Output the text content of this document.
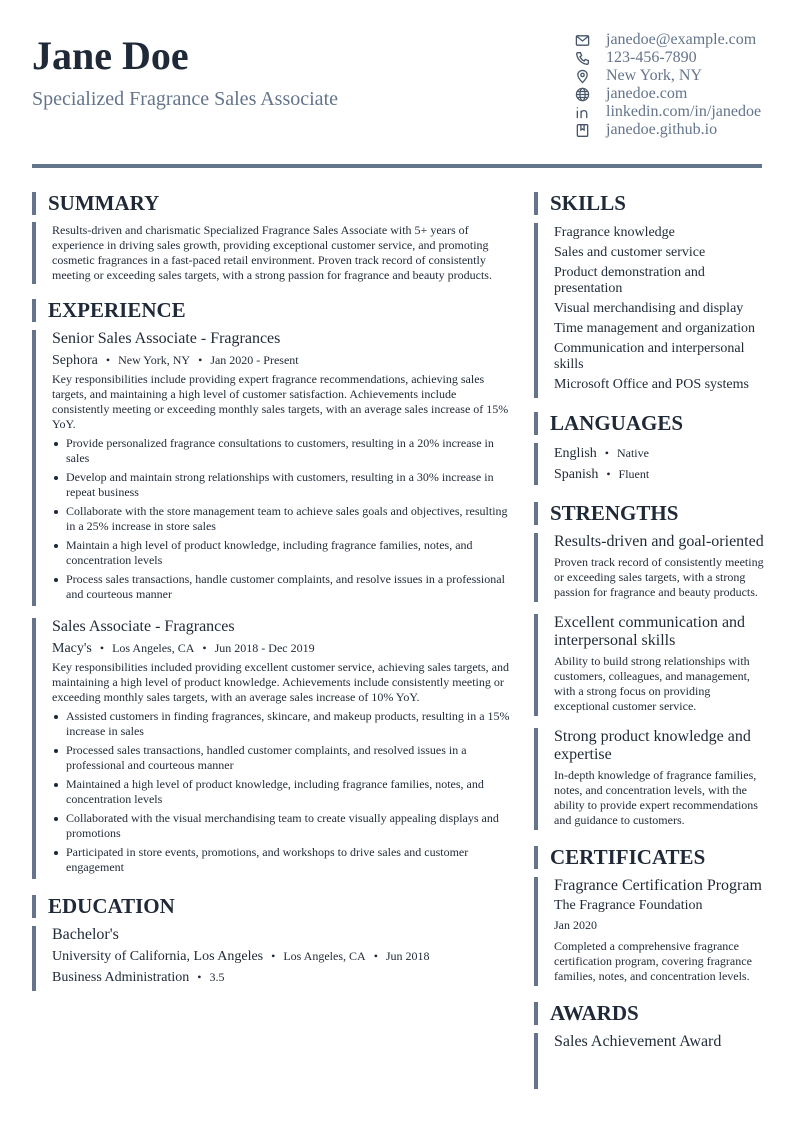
Jane Doe
Specialized Fragrance Sales Associate
janedoe@example.com
123-456-7890
New York, NY
janedoe.com
linkedin.com/in/janedoe
janedoe.github.io
SUMMARY
Results-driven and charismatic Specialized Fragrance Sales Associate with 5+ years of experience in driving sales growth, providing exceptional customer service, and promoting cosmetic fragrances in a fast-paced retail environment. Proven track record of consistently meeting or exceeding sales targets, with a strong passion for fragrance and beauty products.
EXPERIENCE
Senior Sales Associate - Fragrances
Sephora • New York, NY • Jan 2020 - Present
Key responsibilities include providing expert fragrance recommendations, achieving sales targets, and maintaining a high level of customer satisfaction. Achievements include consistently meeting or exceeding monthly sales targets, with an average sales increase of 15% YoY.
Provide personalized fragrance consultations to customers, resulting in a 20% increase in sales
Develop and maintain strong relationships with customers, resulting in a 30% increase in repeat business
Collaborate with the store management team to achieve sales goals and objectives, resulting in a 25% increase in store sales
Maintain a high level of product knowledge, including fragrance families, notes, and concentration levels
Process sales transactions, handle customer complaints, and resolve issues in a professional and courteous manner
Sales Associate - Fragrances
Macy's • Los Angeles, CA • Jun 2018 - Dec 2019
Key responsibilities included providing excellent customer service, achieving sales targets, and maintaining a high level of product knowledge. Achievements include consistently meeting or exceeding monthly sales targets, with an average sales increase of 10% YoY.
Assisted customers in finding fragrances, skincare, and makeup products, resulting in a 15% increase in sales
Processed sales transactions, handled customer complaints, and resolved issues in a professional and courteous manner
Maintained a high level of product knowledge, including fragrance families, notes, and concentration levels
Collaborated with the visual merchandising team to create visually appealing displays and promotions
Participated in store events, promotions, and workshops to drive sales and customer engagement
EDUCATION
Bachelor's
University of California, Los Angeles • Los Angeles, CA • Jun 2018
Business Administration • 3.5
SKILLS
Fragrance knowledge
Sales and customer service
Product demonstration and presentation
Visual merchandising and display
Time management and organization
Communication and interpersonal skills
Microsoft Office and POS systems
LANGUAGES
English • Native
Spanish • Fluent
STRENGTHS
Results-driven and goal-oriented
Proven track record of consistently meeting or exceeding sales targets, with a strong passion for fragrance and beauty products.
Excellent communication and interpersonal skills
Ability to build strong relationships with customers, colleagues, and management, with a strong focus on providing exceptional customer service.
Strong product knowledge and expertise
In-depth knowledge of fragrance families, notes, and concentration levels, with the ability to provide expert recommendations and guidance to customers.
CERTIFICATES
Fragrance Certification Program
The Fragrance Foundation
Jan 2020
Completed a comprehensive fragrance certification program, covering fragrance families, notes, and concentration levels.
AWARDS
Sales Achievement Award
